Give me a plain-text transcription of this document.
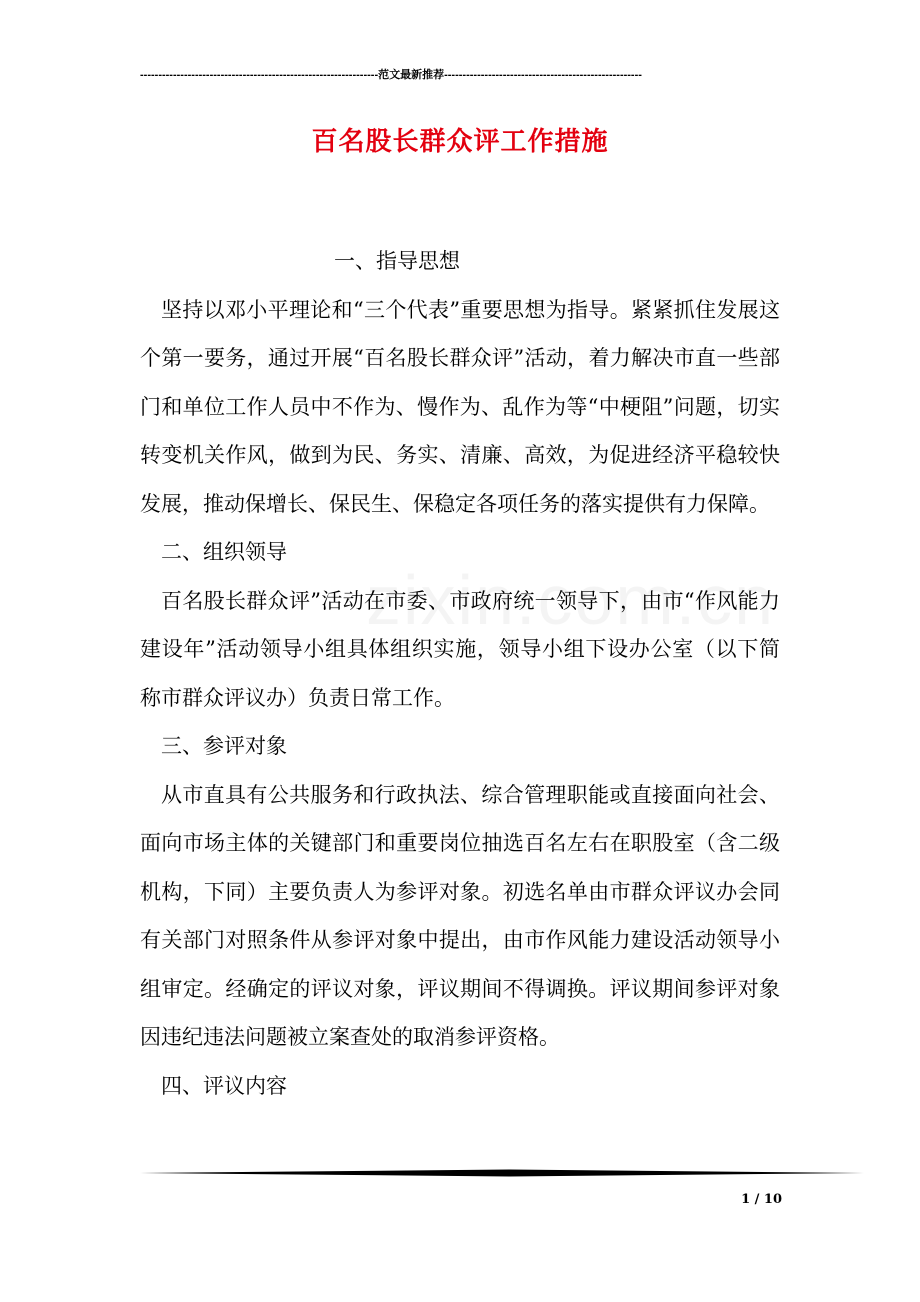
-----------------------------------------------------------------范文最新推荐------------------------------------------------------
百名股长群众评工作措施

一、指导思想

坚持以邓小平理论和“三个代表”重要思想为指导。紧紧抓住发展这个第一要务，通过开展“百名股长群众评”活动，着力解决市直一些部门和单位工作人员中不作为、慢作为、乱作为等“中梗阻”问题，切实转变机关作风，做到为民、务实、清廉、高效，为促进经济平稳较快发展，推动保增长、保民生、保稳定各项任务的落实提供有力保障。

二、组织领导

百名股长群众评”活动在市委、市政府统一领导下，由市“作风能力建设年”活动领导小组具体组织实施，领导小组下设办公室（以下简称市群众评议办）负责日常工作。

三、参评对象

从市直具有公共服务和行政执法、综合管理职能或直接面向社会、面向市场主体的关键部门和重要岗位抽选百名左右在职股室（含二级机构，下同）主要负责人为参评对象。初选名单由市群众评议办会同有关部门对照条件从参评对象中提出，由市作风能力建设活动领导小组审定。经确定的评议对象，评议期间不得调换。评议期间参评对象因违纪违法问题被立案查处的取消参评资格。

四、评议内容

1 / 10
